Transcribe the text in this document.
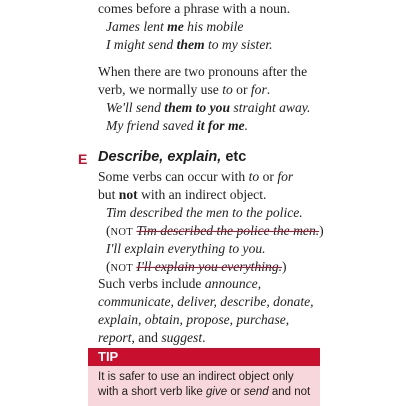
comes before a phrase with a noun.
James lent me his mobile
I might send them to my sister.
When there are two pronouns after the
verb, we normally use to or for.
We'll send them to you straight away.
My friend saved it for me.
E Describe, explain, etc
Some verbs can occur with to or for
but not with an indirect object.
Tim described the men to the police.
(NOT Tim described the police the men.)
I'll explain everything to you.
(NOT I'll explain you everything.)
Such verbs include announce,
communicate, deliver, describe, donate,
explain, obtain, propose, purchase,
report, and suggest.
TIP
It is safer to use an indirect object only
with a short verb like give or send and not
